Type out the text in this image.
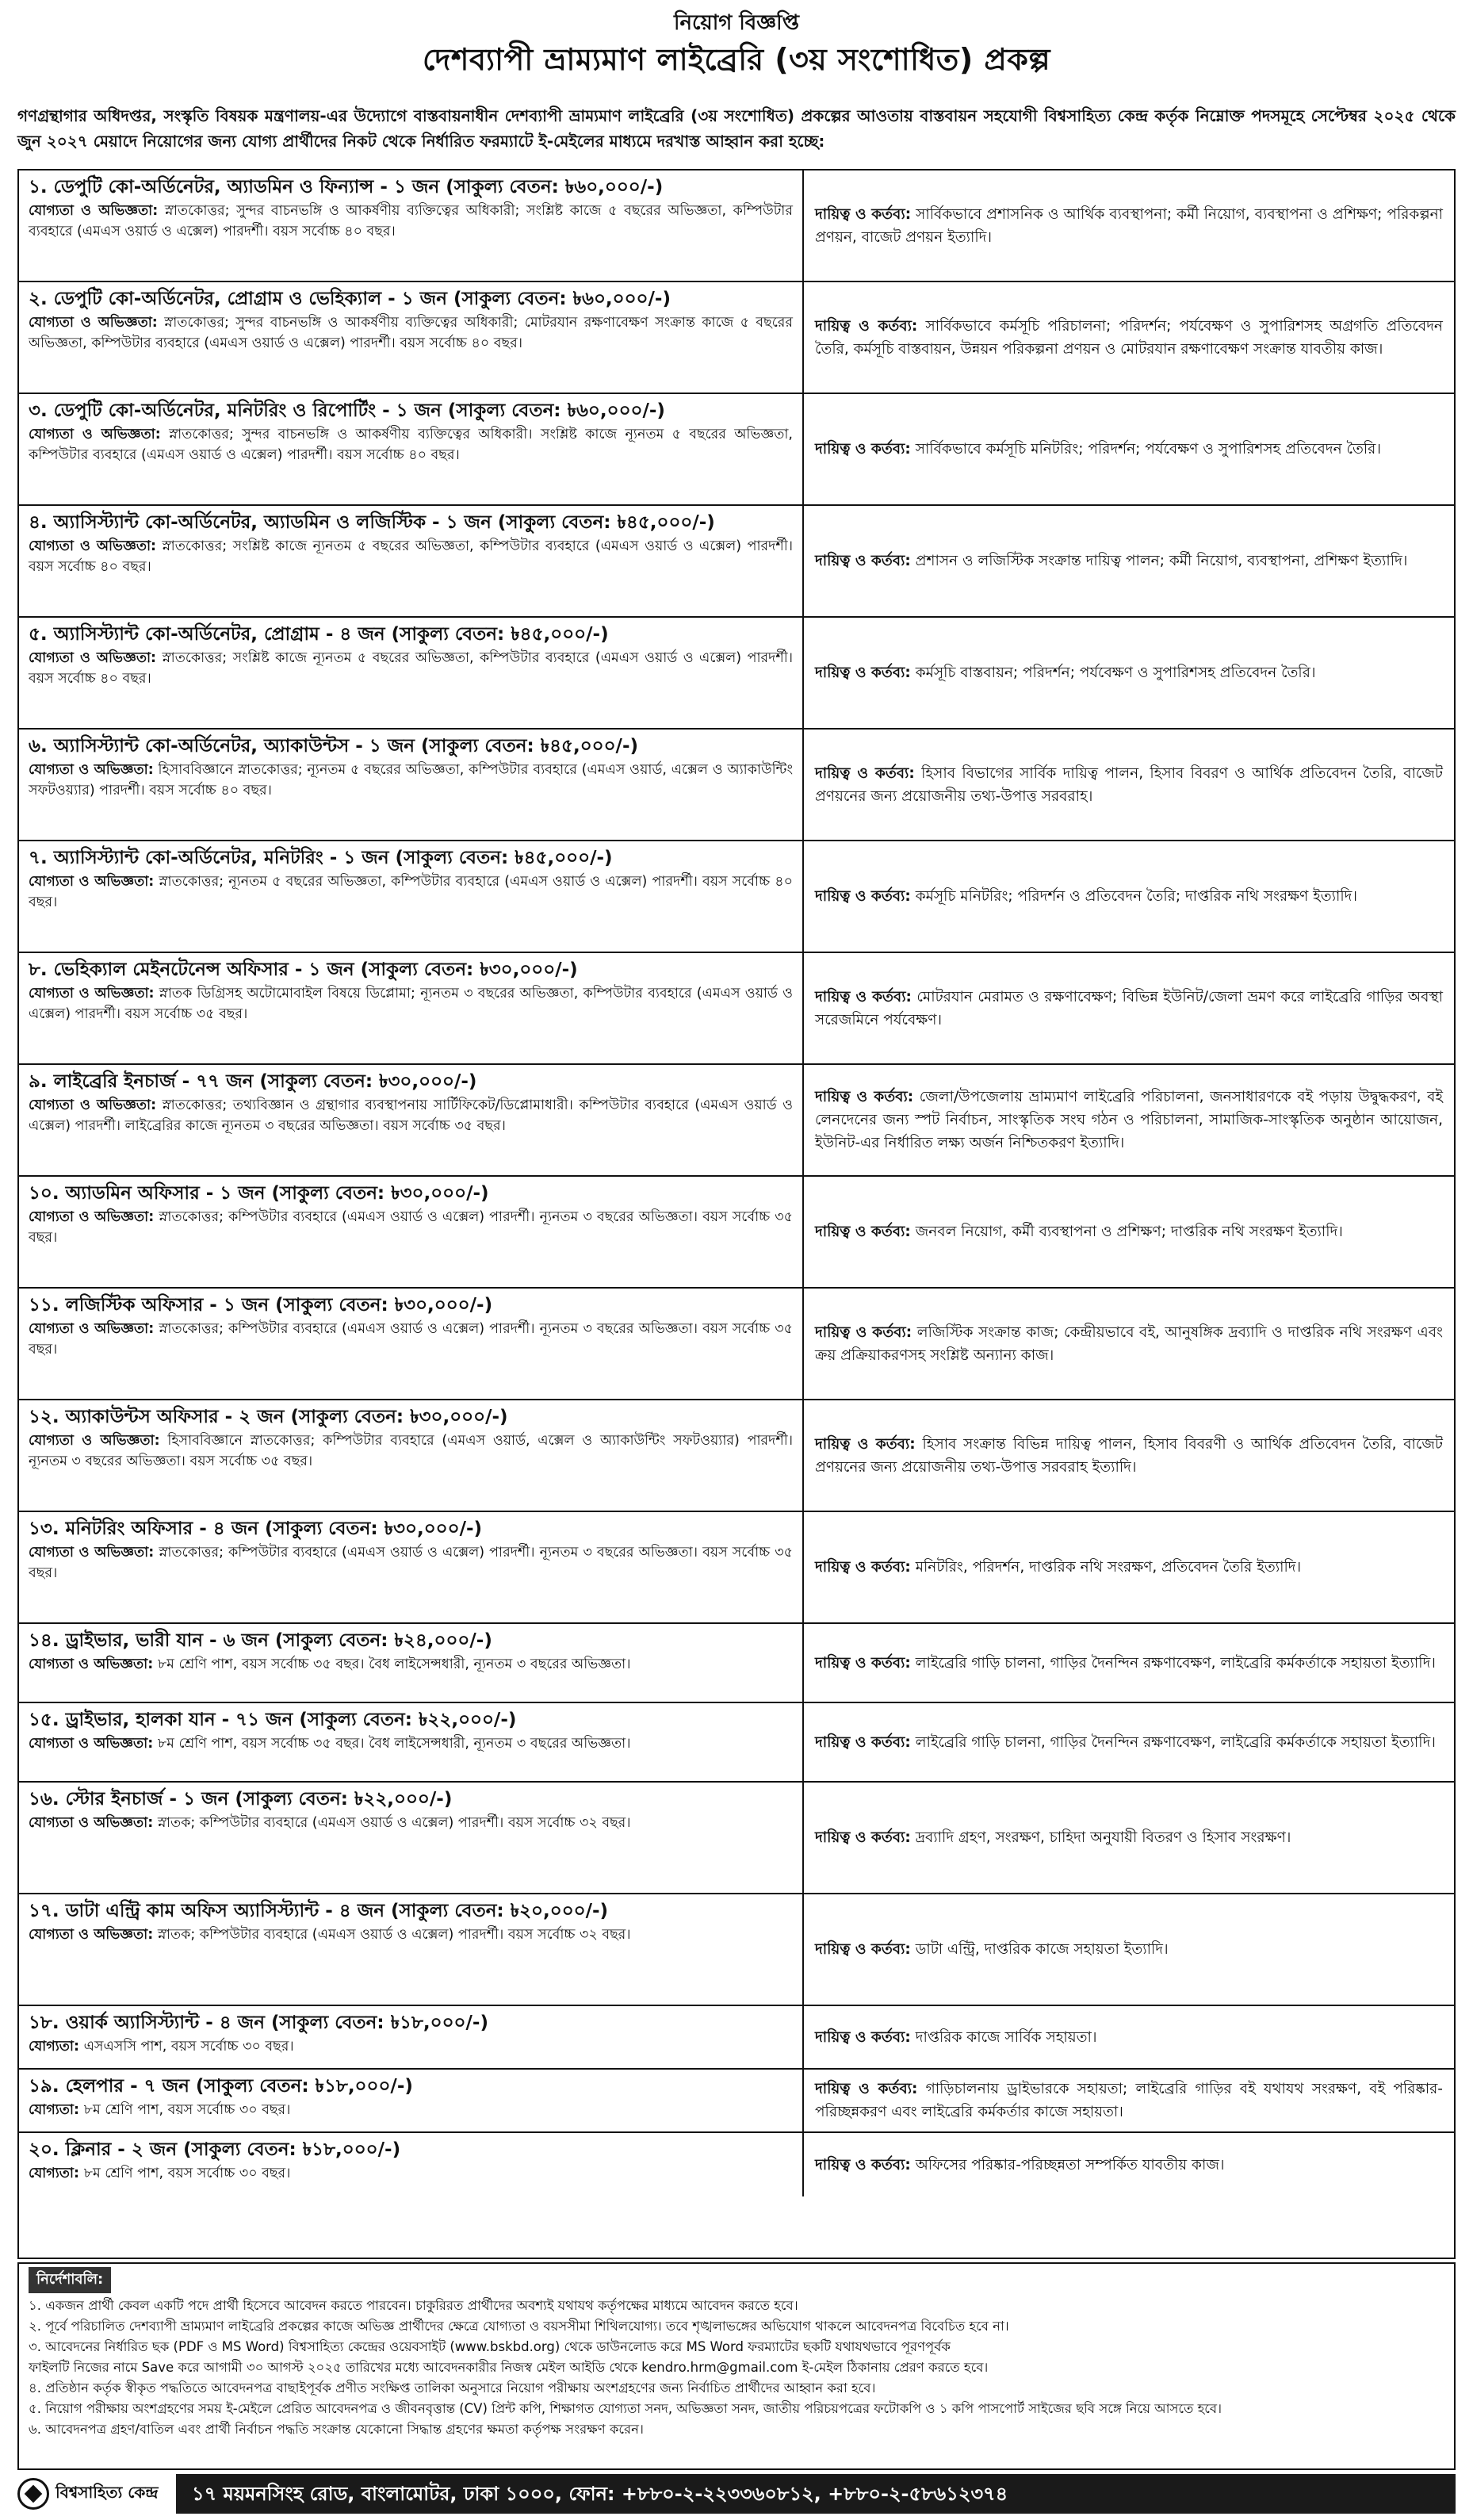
নিয়োগ বিজ্ঞপ্তি
দেশব্যাপী ভ্রাম্যমাণ লাইব্রেরি (৩য় সংশোধিত) প্রকল্প
গণগ্রন্থাগার অধিদপ্তর, সংস্কৃতি বিষয়ক মন্ত্রণালয়-এর উদ্যোগে বাস্তবায়নাধীন দেশব্যাপী ভ্রাম্যমাণ লাইব্রেরি (৩য় সংশোধিত) প্রকল্পের আওতায় বাস্তবায়ন সহযোগী বিশ্বসাহিত্য কেন্দ্র কর্তৃক নিম্নোক্ত পদসমূহে সেপ্টেম্বর ২০২৫ থেকে জুন ২০২৭ মেয়াদে নিয়োগের জন্য যোগ্য প্রার্থীদের নিকট থেকে নির্ধারিত ফরম্যাটে ই-মেইলের মাধ্যমে দরখাস্ত আহ্বান করা হচ্ছে:
১. ডেপুটি কো-অর্ডিনেটর, অ্যাডমিন ও ফিন্যান্স - ১ জন (সাকুল্য বেতন: ৳৬০,০০০/-)
যোগ্যতা ও অভিজ্ঞতা: স্নাতকোত্তর; সুন্দর বাচনভঙ্গি ও আকর্ষণীয় ব্যক্তিত্বের অধিকারী; সংশ্লিষ্ট কাজে ৫ বছরের অভিজ্ঞতা, কম্পিউটার ব্যবহারে (এমএস ওয়ার্ড ও এক্সেল) পারদর্শী। বয়স সর্বোচ্চ ৪০ বছর।
দায়িত্ব ও কর্তব্য: সার্বিকভাবে প্রশাসনিক ও আর্থিক ব্যবস্থাপনা; কর্মী নিয়োগ, ব্যবস্থাপনা ও প্রশিক্ষণ; পরিকল্পনা প্রণয়ন, বাজেট প্রণয়ন ইত্যাদি।
২. ডেপুটি কো-অর্ডিনেটর, প্রোগ্রাম ও ভেহিক্যাল - ১ জন (সাকুল্য বেতন: ৳৬০,০০০/-)
যোগ্যতা ও অভিজ্ঞতা: স্নাতকোত্তর; সুন্দর বাচনভঙ্গি ও আকর্ষণীয় ব্যক্তিত্বের অধিকারী; মোটরযান রক্ষণাবেক্ষণ সংক্রান্ত কাজে ৫ বছরের অভিজ্ঞতা, কম্পিউটার ব্যবহারে (এমএস ওয়ার্ড ও এক্সেল) পারদর্শী। বয়স সর্বোচ্চ ৪০ বছর।
দায়িত্ব ও কর্তব্য: সার্বিকভাবে কর্মসূচি পরিচালনা; পরিদর্শন; পর্যবেক্ষণ ও সুপারিশসহ অগ্রগতি প্রতিবেদন তৈরি, কর্মসূচি বাস্তবায়ন, উন্নয়ন পরিকল্পনা প্রণয়ন ও মোটরযান রক্ষণাবেক্ষণ সংক্রান্ত যাবতীয় কাজ।
৩. ডেপুটি কো-অর্ডিনেটর, মনিটরিং ও রিপোর্টিং - ১ জন (সাকুল্য বেতন: ৳৬০,০০০/-)
যোগ্যতা ও অভিজ্ঞতা: স্নাতকোত্তর; সুন্দর বাচনভঙ্গি ও আকর্ষণীয় ব্যক্তিত্বের অধিকারী। সংশ্লিষ্ট কাজে ন্যূনতম ৫ বছরের অভিজ্ঞতা, কম্পিউটার ব্যবহারে (এমএস ওয়ার্ড ও এক্সেল) পারদর্শী। বয়স সর্বোচ্চ ৪০ বছর।	দায়িত্ব ও কর্তব্য: সার্বিকভাবে কর্মসূচি মনিটরিং; পরিদর্শন; পর্যবেক্ষণ ও সুপারিশসহ প্রতিবেদন তৈরি।
৪. অ্যাসিস্ট্যান্ট কো-অর্ডিনেটর, অ্যাডমিন ও লজিস্টিক - ১ জন (সাকুল্য বেতন: ৳৪৫,০০০/-)
যোগ্যতা ও অভিজ্ঞতা: স্নাতকোত্তর; সংশ্লিষ্ট কাজে ন্যূনতম ৫ বছরের অভিজ্ঞতা, কম্পিউটার ব্যবহারে (এমএস ওয়ার্ড ও এক্সেল) পারদর্শী। বয়স সর্বোচ্চ ৪০ বছর।	দায়িত্ব ও কর্তব্য: প্রশাসন ও লজিস্টিক সংক্রান্ত দায়িত্ব পালন; কর্মী নিয়োগ, ব্যবস্থাপনা, প্রশিক্ষণ ইত্যাদি।
৫. অ্যাসিস্ট্যান্ট কো-অর্ডিনেটর, প্রোগ্রাম - ৪ জন (সাকুল্য বেতন: ৳৪৫,০০০/-)
যোগ্যতা ও অভিজ্ঞতা: স্নাতকোত্তর; সংশ্লিষ্ট কাজে ন্যূনতম ৫ বছরের অভিজ্ঞতা, কম্পিউটার ব্যবহারে (এমএস ওয়ার্ড ও এক্সেল) পারদর্শী। বয়স সর্বোচ্চ ৪০ বছর।	দায়িত্ব ও কর্তব্য: কর্মসূচি বাস্তবায়ন; পরিদর্শন; পর্যবেক্ষণ ও সুপারিশসহ প্রতিবেদন তৈরি।
৬. অ্যাসিস্ট্যান্ট কো-অর্ডিনেটর, অ্যাকাউন্টস - ১ জন (সাকুল্য বেতন: ৳৪৫,০০০/-)
যোগ্যতা ও অভিজ্ঞতা: হিসাববিজ্ঞানে স্নাতকোত্তর; ন্যূনতম ৫ বছরের অভিজ্ঞতা, কম্পিউটার ব্যবহারে (এমএস ওয়ার্ড, এক্সেল ও অ্যাকাউন্টিং সফটওয়্যার) পারদর্শী। বয়স সর্বোচ্চ ৪০ বছর।
দায়িত্ব ও কর্তব্য: হিসাব বিভাগের সার্বিক দায়িত্ব পালন, হিসাব বিবরণ ও আর্থিক প্রতিবেদন তৈরি, বাজেট প্রণয়নের জন্য প্রয়োজনীয় তথ্য-উপাত্ত সরবরাহ।
৭. অ্যাসিস্ট্যান্ট কো-অর্ডিনেটর, মনিটরিং - ১ জন (সাকুল্য বেতন: ৳৪৫,০০০/-)
যোগ্যতা ও অভিজ্ঞতা: স্নাতকোত্তর; ন্যূনতম ৫ বছরের অভিজ্ঞতা, কম্পিউটার ব্যবহারে (এমএস ওয়ার্ড ও এক্সেল) পারদর্শী। বয়স সর্বোচ্চ ৪০ বছর।	দায়িত্ব ও কর্তব্য: কর্মসূচি মনিটরিং; পরিদর্শন ও প্রতিবেদন তৈরি; দাপ্তরিক নথি সংরক্ষণ ইত্যাদি।
৮. ভেহিক্যাল মেইনটেনেন্স অফিসার - ১ জন (সাকুল্য বেতন: ৳৩০,০০০/-)
যোগ্যতা ও অভিজ্ঞতা: স্নাতক ডিগ্রিসহ অটোমোবাইল বিষয়ে ডিপ্লোমা; ন্যূনতম ৩ বছরের অভিজ্ঞতা, কম্পিউটার ব্যবহারে (এমএস ওয়ার্ড ও এক্সেল) পারদর্শী। বয়স সর্বোচ্চ ৩৫ বছর।
দায়িত্ব ও কর্তব্য: মোটরযান মেরামত ও রক্ষণাবেক্ষণ; বিভিন্ন ইউনিট/জেলা ভ্রমণ করে লাইব্রেরি গাড়ির অবস্থা সরেজমিনে পর্যবেক্ষণ।
৯. লাইব্রেরি ইনচার্জ - ৭৭ জন (সাকুল্য বেতন: ৳৩০,০০০/-)
যোগ্যতা ও অভিজ্ঞতা: স্নাতকোত্তর; তথ্যবিজ্ঞান ও গ্রন্থাগার ব্যবস্থাপনায় সার্টিফিকেট/ডিপ্লোমাধারী। কম্পিউটার ব্যবহারে (এমএস ওয়ার্ড ও এক্সেল) পারদর্শী। লাইব্রেরির কাজে ন্যূনতম ৩ বছরের অভিজ্ঞতা। বয়স সর্বোচ্চ ৩৫ বছর।
দায়িত্ব ও কর্তব্য: জেলা/উপজেলায় ভ্রাম্যমাণ লাইব্রেরি পরিচালনা, জনসাধারণকে বই পড়ায় উদ্বুদ্ধকরণ, বই লেনদেনের জন্য স্পট নির্বাচন, সাংস্কৃতিক সংঘ গঠন ও পরিচালনা, সামাজিক-সাংস্কৃতিক অনুষ্ঠান আয়োজন, ইউনিট-এর নির্ধারিত লক্ষ্য অর্জন নিশ্চিতকরণ ইত্যাদি।
১০. অ্যাডমিন অফিসার - ১ জন (সাকুল্য বেতন: ৳৩০,০০০/-)
যোগ্যতা ও অভিজ্ঞতা: স্নাতকোত্তর; কম্পিউটার ব্যবহারে (এমএস ওয়ার্ড ও এক্সেল) পারদর্শী। ন্যূনতম ৩ বছরের অভিজ্ঞতা। বয়স সর্বোচ্চ ৩৫ বছর।	দায়িত্ব ও কর্তব্য: জনবল নিয়োগ, কর্মী ব্যবস্থাপনা ও প্রশিক্ষণ; দাপ্তরিক নথি সংরক্ষণ ইত্যাদি।
১১. লজিস্টিক অফিসার - ১ জন (সাকুল্য বেতন: ৳৩০,০০০/-)
যোগ্যতা ও অভিজ্ঞতা: স্নাতকোত্তর; কম্পিউটার ব্যবহারে (এমএস ওয়ার্ড ও এক্সেল) পারদর্শী। ন্যূনতম ৩ বছরের অভিজ্ঞতা। বয়স সর্বোচ্চ ৩৫ বছর।
দায়িত্ব ও কর্তব্য: লজিস্টিক সংক্রান্ত কাজ; কেন্দ্রীয়ভাবে বই, আনুষঙ্গিক দ্রব্যাদি ও দাপ্তরিক নথি সংরক্ষণ এবং ক্রয় প্রক্রিয়াকরণসহ সংশ্লিষ্ট অন্যান্য কাজ।
১২. অ্যাকাউন্টস অফিসার - ২ জন (সাকুল্য বেতন: ৳৩০,০০০/-)
যোগ্যতা ও অভিজ্ঞতা: হিসাববিজ্ঞানে স্নাতকোত্তর; কম্পিউটার ব্যবহারে (এমএস ওয়ার্ড, এক্সেল ও অ্যাকাউন্টিং সফটওয়্যার) পারদর্শী। ন্যূনতম ৩ বছরের অভিজ্ঞতা। বয়স সর্বোচ্চ ৩৫ বছর।
দায়িত্ব ও কর্তব্য: হিসাব সংক্রান্ত বিভিন্ন দায়িত্ব পালন, হিসাব বিবরণী ও আর্থিক প্রতিবেদন তৈরি, বাজেট প্রণয়নের জন্য প্রয়োজনীয় তথ্য-উপাত্ত সরবরাহ ইত্যাদি।
১৩. মনিটরিং অফিসার - ৪ জন (সাকুল্য বেতন: ৳৩০,০০০/-)
যোগ্যতা ও অভিজ্ঞতা: স্নাতকোত্তর; কম্পিউটার ব্যবহারে (এমএস ওয়ার্ড ও এক্সেল) পারদর্শী। ন্যূনতম ৩ বছরের অভিজ্ঞতা। বয়স সর্বোচ্চ ৩৫ বছর।	দায়িত্ব ও কর্তব্য: মনিটরিং, পরিদর্শন, দাপ্তরিক নথি সংরক্ষণ, প্রতিবেদন তৈরি ইত্যাদি।
১৪. ড্রাইভার, ভারী যান - ৬ জন (সাকুল্য বেতন: ৳২৪,০০০/-)
যোগ্যতা ও অভিজ্ঞতা: ৮ম শ্রেণি পাশ, বয়স সর্বোচ্চ ৩৫ বছর। বৈধ লাইসেন্সধারী, ন্যূনতম ৩ বছরের অভিজ্ঞতা।	দায়িত্ব ও কর্তব্য: লাইব্রেরি গাড়ি চালনা, গাড়ির দৈনন্দিন রক্ষণাবেক্ষণ, লাইব্রেরি কর্মকর্তাকে সহায়তা ইত্যাদি।
১৫. ড্রাইভার, হালকা যান - ৭১ জন (সাকুল্য বেতন: ৳২২,০০০/-)
যোগ্যতা ও অভিজ্ঞতা: ৮ম শ্রেণি পাশ, বয়স সর্বোচ্চ ৩৫ বছর। বৈধ লাইসেন্সধারী, ন্যূনতম ৩ বছরের অভিজ্ঞতা।	দায়িত্ব ও কর্তব্য: লাইব্রেরি গাড়ি চালনা, গাড়ির দৈনন্দিন রক্ষণাবেক্ষণ, লাইব্রেরি কর্মকর্তাকে সহায়তা ইত্যাদি।
১৬. স্টোর ইনচার্জ - ১ জন (সাকুল্য বেতন: ৳২২,০০০/-)
যোগ্যতা ও অভিজ্ঞতা: স্নাতক; কম্পিউটার ব্যবহারে (এমএস ওয়ার্ড ও এক্সেল) পারদর্শী। বয়স সর্বোচ্চ ৩২ বছর।
দায়িত্ব ও কর্তব্য: দ্রব্যাদি গ্রহণ, সংরক্ষণ, চাহিদা অনুযায়ী বিতরণ ও হিসাব সংরক্ষণ।
১৭. ডাটা এন্ট্রি কাম অফিস অ্যাসিস্ট্যান্ট - ৪ জন (সাকুল্য বেতন: ৳২০,০০০/-)
যোগ্যতা ও অভিজ্ঞতা: স্নাতক; কম্পিউটার ব্যবহারে (এমএস ওয়ার্ড ও এক্সেল) পারদর্শী। বয়স সর্বোচ্চ ৩২ বছর।
দায়িত্ব ও কর্তব্য: ডাটা এন্ট্রি, দাপ্তরিক কাজে সহায়তা ইত্যাদি।
১৮. ওয়ার্ক অ্যাসিস্ট্যান্ট - ৪ জন (সাকুল্য বেতন: ৳১৮,০০০/-)
যোগ্যতা: এসএসসি পাশ, বয়স সর্বোচ্চ ৩০ বছর।
দায়িত্ব ও কর্তব্য: দাপ্তরিক কাজে সার্বিক সহায়তা।
১৯. হেলপার - ৭ জন (সাকুল্য বেতন: ৳১৮,০০০/-)
যোগ্যতা: ৮ম শ্রেণি পাশ, বয়স সর্বোচ্চ ৩০ বছর।
দায়িত্ব ও কর্তব্য: গাড়িচালনায় ড্রাইভারকে সহায়তা; লাইব্রেরি গাড়ির বই যথাযথ সংরক্ষণ, বই পরিষ্কার-পরিচ্ছন্নকরণ এবং লাইব্রেরি কর্মকর্তার কাজে সহায়তা।
২০. ক্লিনার - ২ জন (সাকুল্য বেতন: ৳১৮,০০০/-)
যোগ্যতা: ৮ম শ্রেণি পাশ, বয়স সর্বোচ্চ ৩০ বছর।
দায়িত্ব ও কর্তব্য: অফিসের পরিষ্কার-পরিচ্ছন্নতা সম্পর্কিত যাবতীয় কাজ।
নির্দেশাবলি:
১. একজন প্রার্থী কেবল একটি পদে প্রার্থী হিসেবে আবেদন করতে পারবেন। চাকুরিরত প্রার্থীদের অবশ্যই যথাযথ কর্তৃপক্ষের মাধ্যমে আবেদন করতে হবে।
২. পূর্বে পরিচালিত দেশব্যাপী ভ্রাম্যমাণ লাইব্রেরি প্রকল্পের কাজে অভিজ্ঞ প্রার্থীদের ক্ষেত্রে যোগ্যতা ও বয়সসীমা শিথিলযোগ্য। তবে শৃঙ্খলাভঙ্গের অভিযোগ থাকলে আবেদনপত্র বিবেচিত হবে না।
৩. আবেদনের নির্ধারিত ছক (PDF ও MS Word) বিশ্বসাহিত্য কেন্দ্রের ওয়েবসাইট (www.bskbd.org) থেকে ডাউনলোড করে MS Word ফরম্যাটের ছকটি যথাযথভাবে পূরণপূর্বক
ফাইলটি নিজের নামে Save করে আগামী ৩০ আগস্ট ২০২৫ তারিখের মধ্যে আবেদনকারীর নিজস্ব মেইল আইডি থেকে kendro.hrm@gmail.com ই-মেইল ঠিকানায় প্রেরণ করতে হবে।
৪. প্রতিষ্ঠান কর্তৃক স্বীকৃত পদ্ধতিতে আবেদনপত্র বাছাইপূর্বক প্রণীত সংক্ষিপ্ত তালিকা অনুসারে নিয়োগ পরীক্ষায় অংশগ্রহণের জন্য নির্বাচিত প্রার্থীদের আহ্বান করা হবে।
৫. নিয়োগ পরীক্ষায় অংশগ্রহণের সময় ই-মেইলে প্রেরিত আবেদনপত্র ও জীবনবৃত্তান্ত (CV) প্রিন্ট কপি, শিক্ষাগত যোগ্যতা সনদ, অভিজ্ঞতা সনদ, জাতীয় পরিচয়পত্রের ফটোকপি ও ১ কপি পাসপোর্ট সাইজের ছবি সঙ্গে নিয়ে আসতে হবে।
৬. আবেদনপত্র গ্রহণ/বাতিল এবং প্রার্থী নির্বাচন পদ্ধতি সংক্রান্ত যেকোনো সিদ্ধান্ত গ্রহণের ক্ষমতা কর্তৃপক্ষ সংরক্ষণ করেন।
বিশ্বসাহিত্য কেন্দ্র	১৭ ময়মনসিংহ রোড, বাংলামোটর, ঢাকা ১০০০, ফোন: +৮৮০-২-২২৩৩৬০৮১২, +৮৮০-২-৫৮৬১২৩৭৪
